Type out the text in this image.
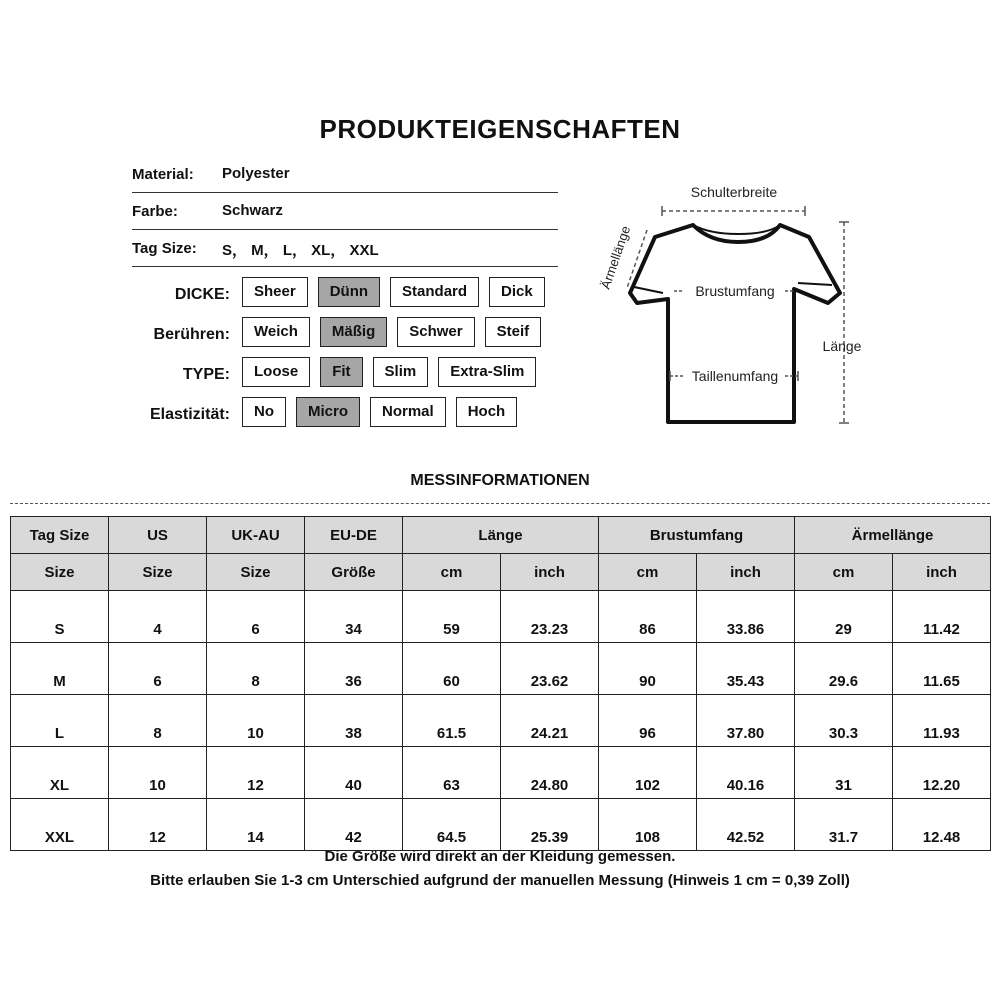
PRODUKTEIGENSCHAFTEN
Material: Polyester
Farbe:	Schwarz
Tag Size: S， M， L， XL， XXL
DICKE:	Sheer	Dünn	Standard	Dick
Berühren:	Weich	Mäßig	Schwer	Steif
TYPE:	Loose	Fit	Slim	Extra-Slim
Elastizität:	No	Micro	Normal	Hoch
Schulterbreite
Ärmellänge
Brustumfang
Taillenumfang
Länge
MESSINFORMATIONEN
Tag Size	US	UK-AU	EU-DE	Länge		Brustumfang		Ärmellänge	
Size	Size	Size	Größe	cm	inch	cm	inch	cm	inch
S	4	6	34	59	23.23	86	33.86	29	11.42
M	6	8	36	60	23.62	90	35.43	29.6	11.65
L	8	10	38	61.5	24.21	96	37.80	30.3	11.93
XL	10	12	40	63	24.80	102	40.16	31	12.20
XXL	12	14	42	64.5	25.39	108	42.52	31.7	12.48
Die Größe wird direkt an der Kleidung gemessen.
Bitte erlauben Sie 1-3 cm Unterschied aufgrund der manuellen Messung (Hinweis 1 cm = 0,39 Zoll)
